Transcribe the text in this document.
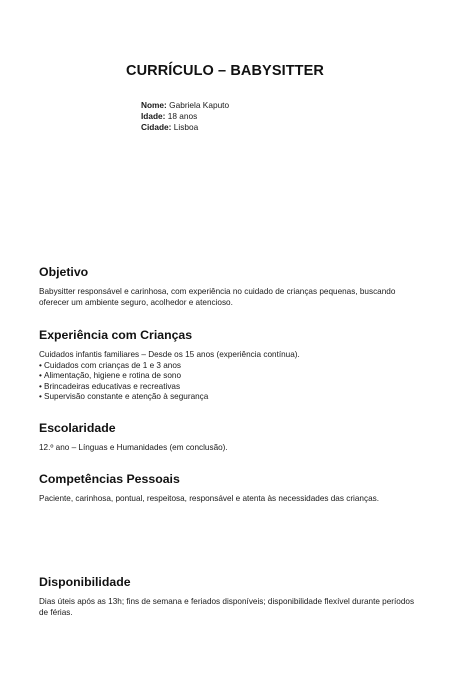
CURRÍCULO – BABYSITTER
Nome: Gabriela Kaputo
Idade: 18 anos
Cidade: Lisboa
Objetivo
Babysitter responsável e carinhosa, com experiência no cuidado de crianças pequenas, buscando oferecer um ambiente seguro, acolhedor e atencioso.
Experiência com Crianças
Cuidados infantis familiares – Desde os 15 anos (experiência contínua).
• Cuidados com crianças de 1 e 3 anos
• Alimentação, higiene e rotina de sono
• Brincadeiras educativas e recreativas
• Supervisão constante e atenção à segurança
Escolaridade
12.º ano – Línguas e Humanidades (em conclusão).
Competências Pessoais
Paciente, carinhosa, pontual, respeitosa, responsável e atenta às necessidades das crianças.
Disponibilidade
Dias úteis após as 13h; fins de semana e feriados disponíveis; disponibilidade flexível durante períodos de férias.
